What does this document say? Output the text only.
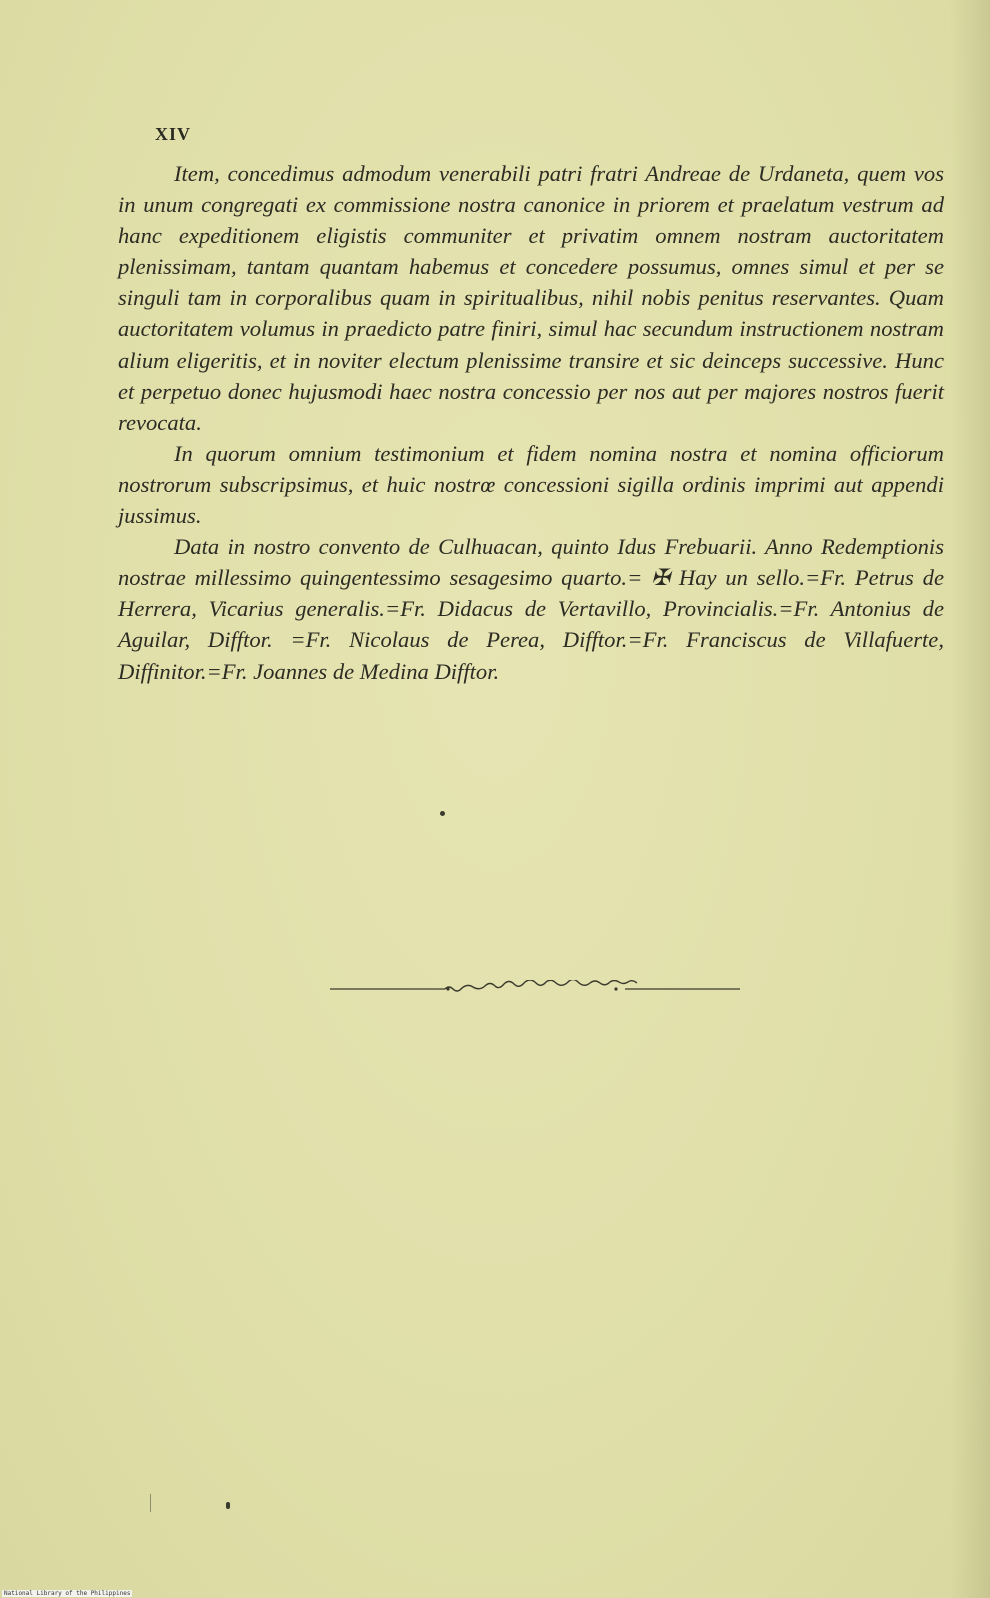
XIV

Item, concedimus admodum venerabili patri fratri Andreae de Urdaneta, quem vos in unum congregati ex commissione nostra canonice in priorem et praelatum vestrum ad hanc expeditionem eligistis communiter et privatim omnem nostram auctoritatem plenissimam, tantam quantam habemus et concedere possumus, omnes simul et per se singuli tam in corporalibus quam in spiritualibus, nihil nobis penitus reservantes. Quam auctoritatem volumus in praedicto patre finiri, simul hac secundum instructionem nostram alium eligeritis, et in noviter electum plenissime transire et sic deinceps successive. Hunc et perpetuo donec hujusmodi haec nostra concessio per nos aut per majores nostros fuerit revocata.

In quorum omnium testimonium et fidem nomina nostra et nomina officiorum nostrorum subscripsimus, et huic nostrœ concessioni sigilla ordinis imprimi aut appendi jussimus.

Data in nostro convento de Culhuacan, quinto Idus Frebuarii. Anno Redemptionis nostrae millessimo quingentessimo sesagesimo quarto.= ✠ Hay un sello.=Fr. Petrus de Herrera, Vicarius generalis.=Fr. Didacus de Vertavillo, Provincialis.=Fr. Antonius de Aguilar, Difftor. =Fr. Nicolaus de Perea, Difftor.=Fr. Franciscus de Villafuerte, Diffinitor.=Fr. Joannes de Medina Difftor.

National Library of the Philippines
